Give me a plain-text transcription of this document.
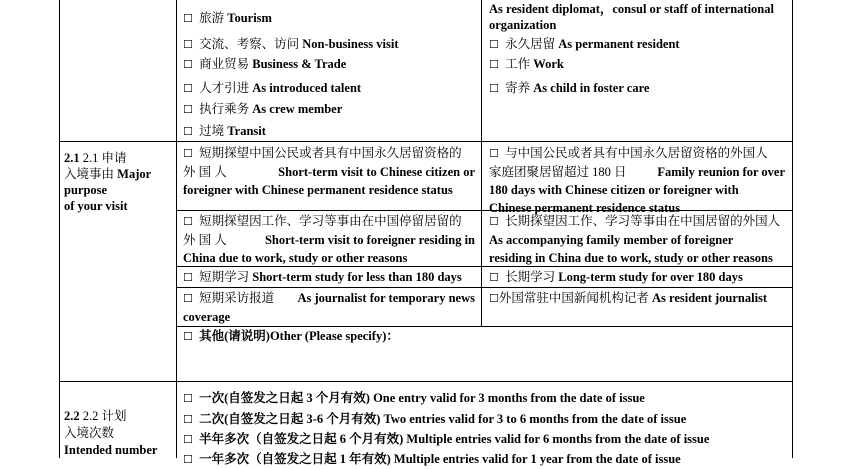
2.1 2.1 申请
入境事由 Major
purpose
of your visit
☐ 旅游 Tourism
☐ 交流、考察、访问 Non-business visit
☐ 商业贸易 Business & Trade
☐ 人才引进 As introduced talent
☐ 执行乘务 As crew member
☐ 过境 Transit
As resident diplomat，consul or staff of international
organization
☐ 永久居留 As permanent resident
☐ 工作 Work
☐ 寄养 As child in foster care
☐ 短期探望中国公民或者具有中国永久居留资格的
外 国 人	Short-term visit to Chinese citizen or
foreigner with Chinese permanent residence status
☐ 与中国公民或者具有中国永久居留资格的外国人
家庭团聚居留超过 180 日 Family reunion for over
180 days with Chinese citizen or foreigner with
Chinese permanent residence status
☐ 短期探望因工作、学习等事由在中国停留居留的
外 国 人	Short-term visit to foreigner residing in
China due to work, study or other reasons
☐ 长期探望因工作、学习等事由在中国居留的外国人
As accompanying family member of foreigner
residing in China due to work, study or other reasons
☐ 短期学习 Short-term study for less than 180 days ☐ 长期学习 Long-term study for over 180 days
☐ 短期采访报道 As journalist for temporary news
coverage
☐外国常驻中国新闻机构记者 As resident journalist
☐ 其他(请说明)Other (Please specify)：
2.2 2.2 计划
入境次数
Intended number
☐ 一次(自签发之日起 3 个月有效) One entry valid for 3 months from the date of issue
☐ 二次(自签发之日起 3-6 个月有效) Two entries valid for 3 to 6 months from the date of issue
☐ 半年多次（自签发之日起 6 个月有效) Multiple entries valid for 6 months from the date of issue
☐ 一年多次（自签发之日起 1 年有效) Multiple entries valid for 1 year from the date of issue
